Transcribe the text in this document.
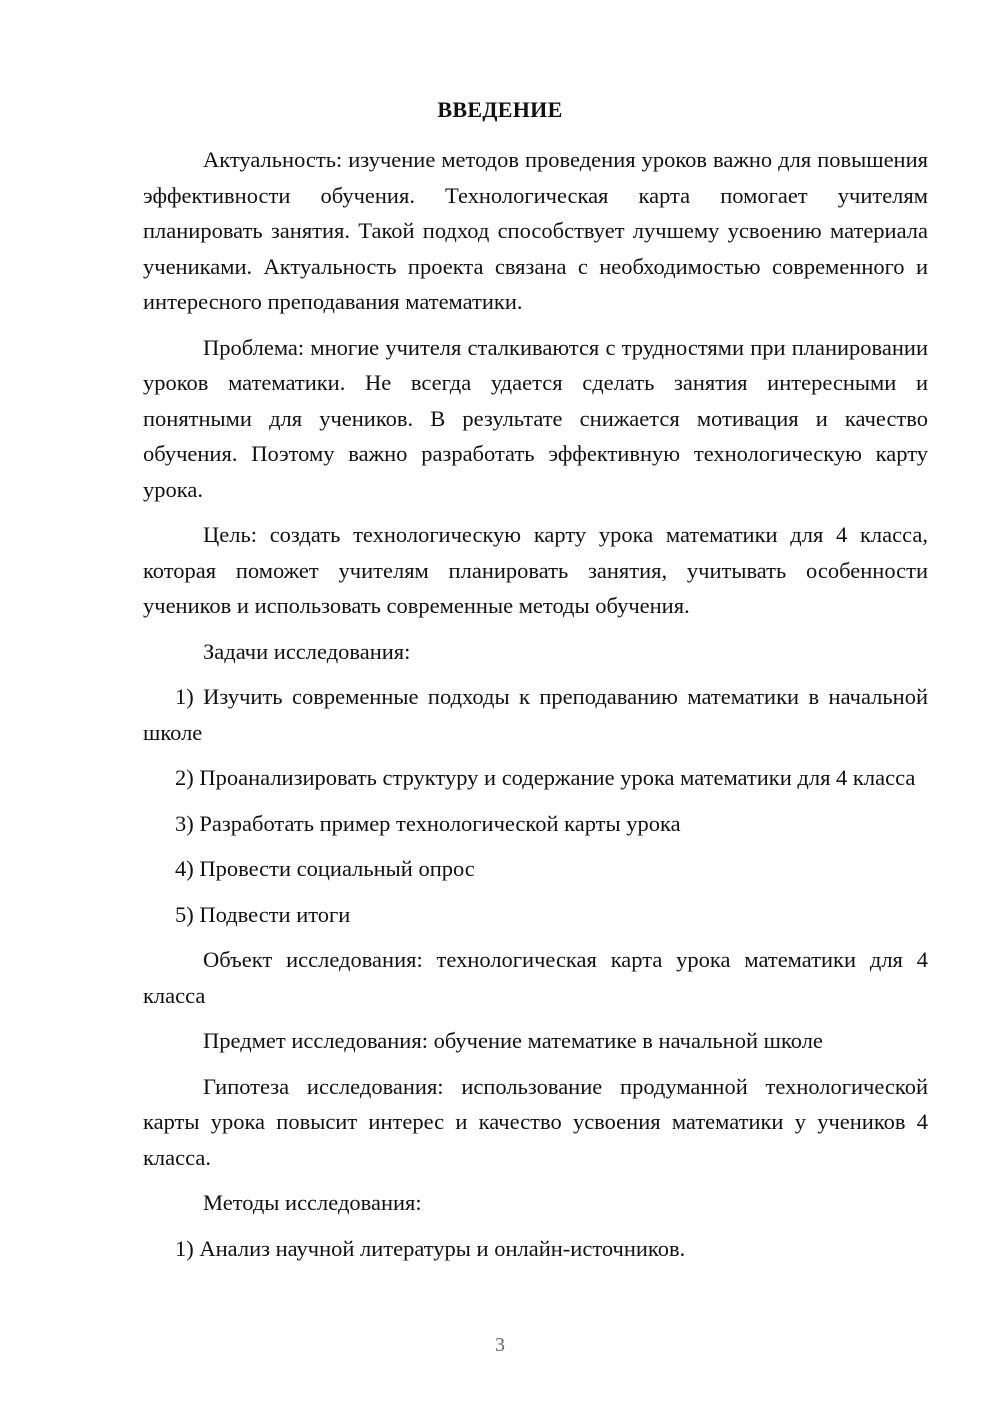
ВВЕДЕНИЕ

Актуальность: изучение методов проведения уроков важно для повышения эффективности обучения. Технологическая карта помогает учителям планировать занятия. Такой подход способствует лучшему усвоению материала учениками. Актуальность проекта связана с необходимостью современного и интересного преподавания математики.

Проблема: многие учителя сталкиваются с трудностями при планировании уроков математики. Не всегда удается сделать занятия интересными и понятными для учеников. В результате снижается мотивация и качество обучения. Поэтому важно разработать эффективную технологическую карту урока.

Цель: создать технологическую карту урока математики для 4 класса, которая поможет учителям планировать занятия, учитывать особенности учеников и использовать современные методы обучения.

Задачи исследования:

1) Изучить современные подходы к преподаванию математики в начальной школе

2) Проанализировать структуру и содержание урока математики для 4 класса

3) Разработать пример технологической карты урока

4) Провести социальный опрос

5) Подвести итоги

Объект исследования: технологическая карта урока математики для 4 класса

Предмет исследования: обучение математике в начальной школе

Гипотеза исследования: использование продуманной технологической карты урока повысит интерес и качество усвоения математики у учеников 4 класса.

Методы исследования:

1) Анализ научной литературы и онлайн-источников.

3
